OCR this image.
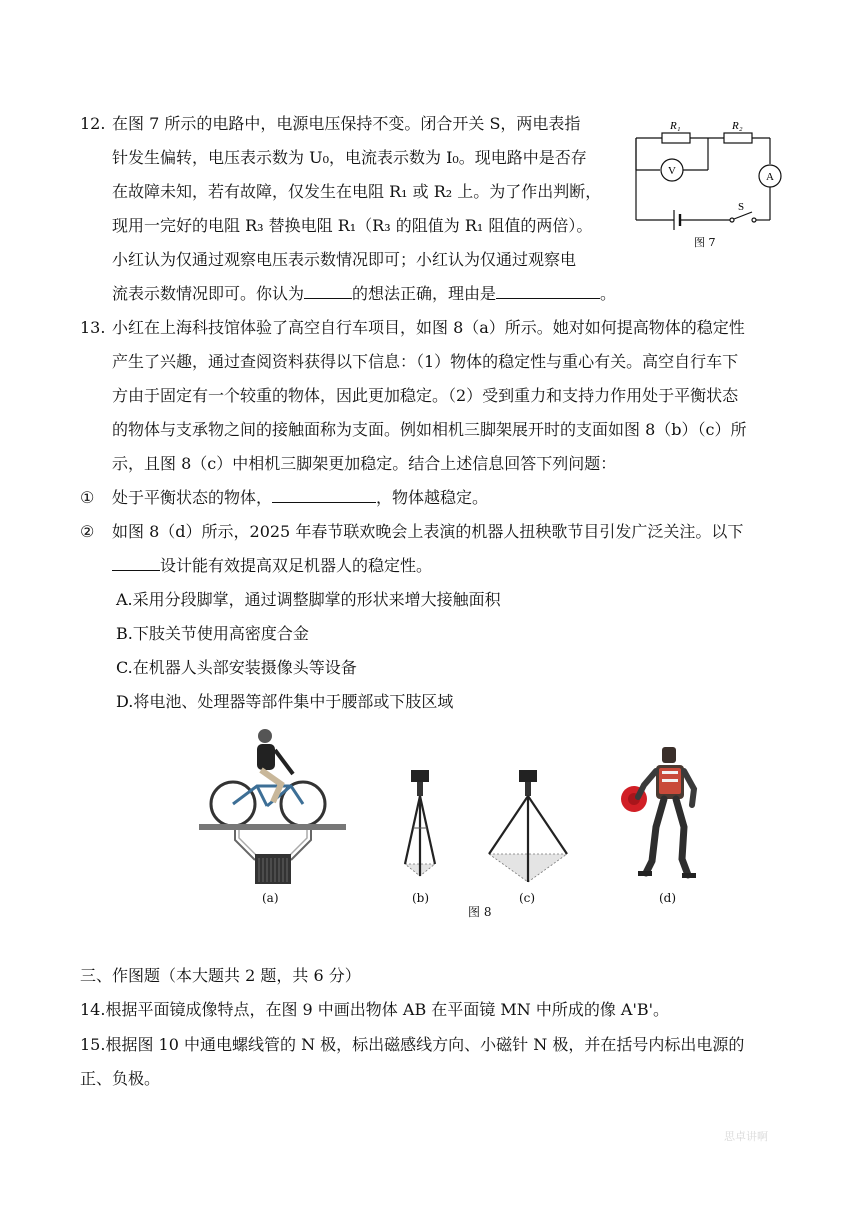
12. 在图 7 所示的电路中，电源电压保持不变。闭合开关 S，两电表指
针发生偏转，电压表示数为 U₀，电流表示数为 I₀。现电路中是否存
在故障未知，若有故障，仅发生在电阻 R₁ 或 R₂ 上。为了作出判断，
现用一完好的电阻 R₃ 替换电阻 R₁（R₃ 的阻值为 R₁ 阻值的两倍）。
小红认为仅通过观察电压表示数情况即可；小红认为仅通过观察电
流表示数情况即可。你认为	的想法正确，理由是	。
R₁	R₂
V	A
S
图 7
13. 小红在上海科技馆体验了高空自行车项目，如图 8（a）所示。她对如何提高物体的稳定性
产生了兴趣，通过查阅资料获得以下信息：（1）物体的稳定性与重心有关。高空自行车下
方由于固定有一个较重的物体，因此更加稳定。（2）受到重力和支持力作用处于平衡状态
的物体与支承物之间的接触面称为支面。例如相机三脚架展开时的支面如图 8（b）（c）所
示，且图 8（c）中相机三脚架更加稳定。结合上述信息回答下列问题：
① 处于平衡状态的物体，	，物体越稳定。
② 如图 8（d）所示，2025 年春节联欢晚会上表演的机器人扭秧歌节目引发广泛关注。以下
设计能有效提高双足机器人的稳定性。
A.采用分段脚掌，通过调整脚掌的形状来增大接触面积
B.下肢关节使用高密度合金
C.在机器人头部安装摄像头等设备
D.将电池、处理器等部件集中于腰部或下肢区域
(a)	(b)	(c)	(d)
图 8
三、作图题（本大题共 2 题，共 6 分）
14.根据平面镜成像特点，在图 9 中画出物体 AB 在平面镜 MN 中所成的像 A'B'。
15.根据图 10 中通电螺线管的 N 极，标出磁感线方向、小磁针 N 极，并在括号内标出电源的
正、负极。
思卓讲啊
